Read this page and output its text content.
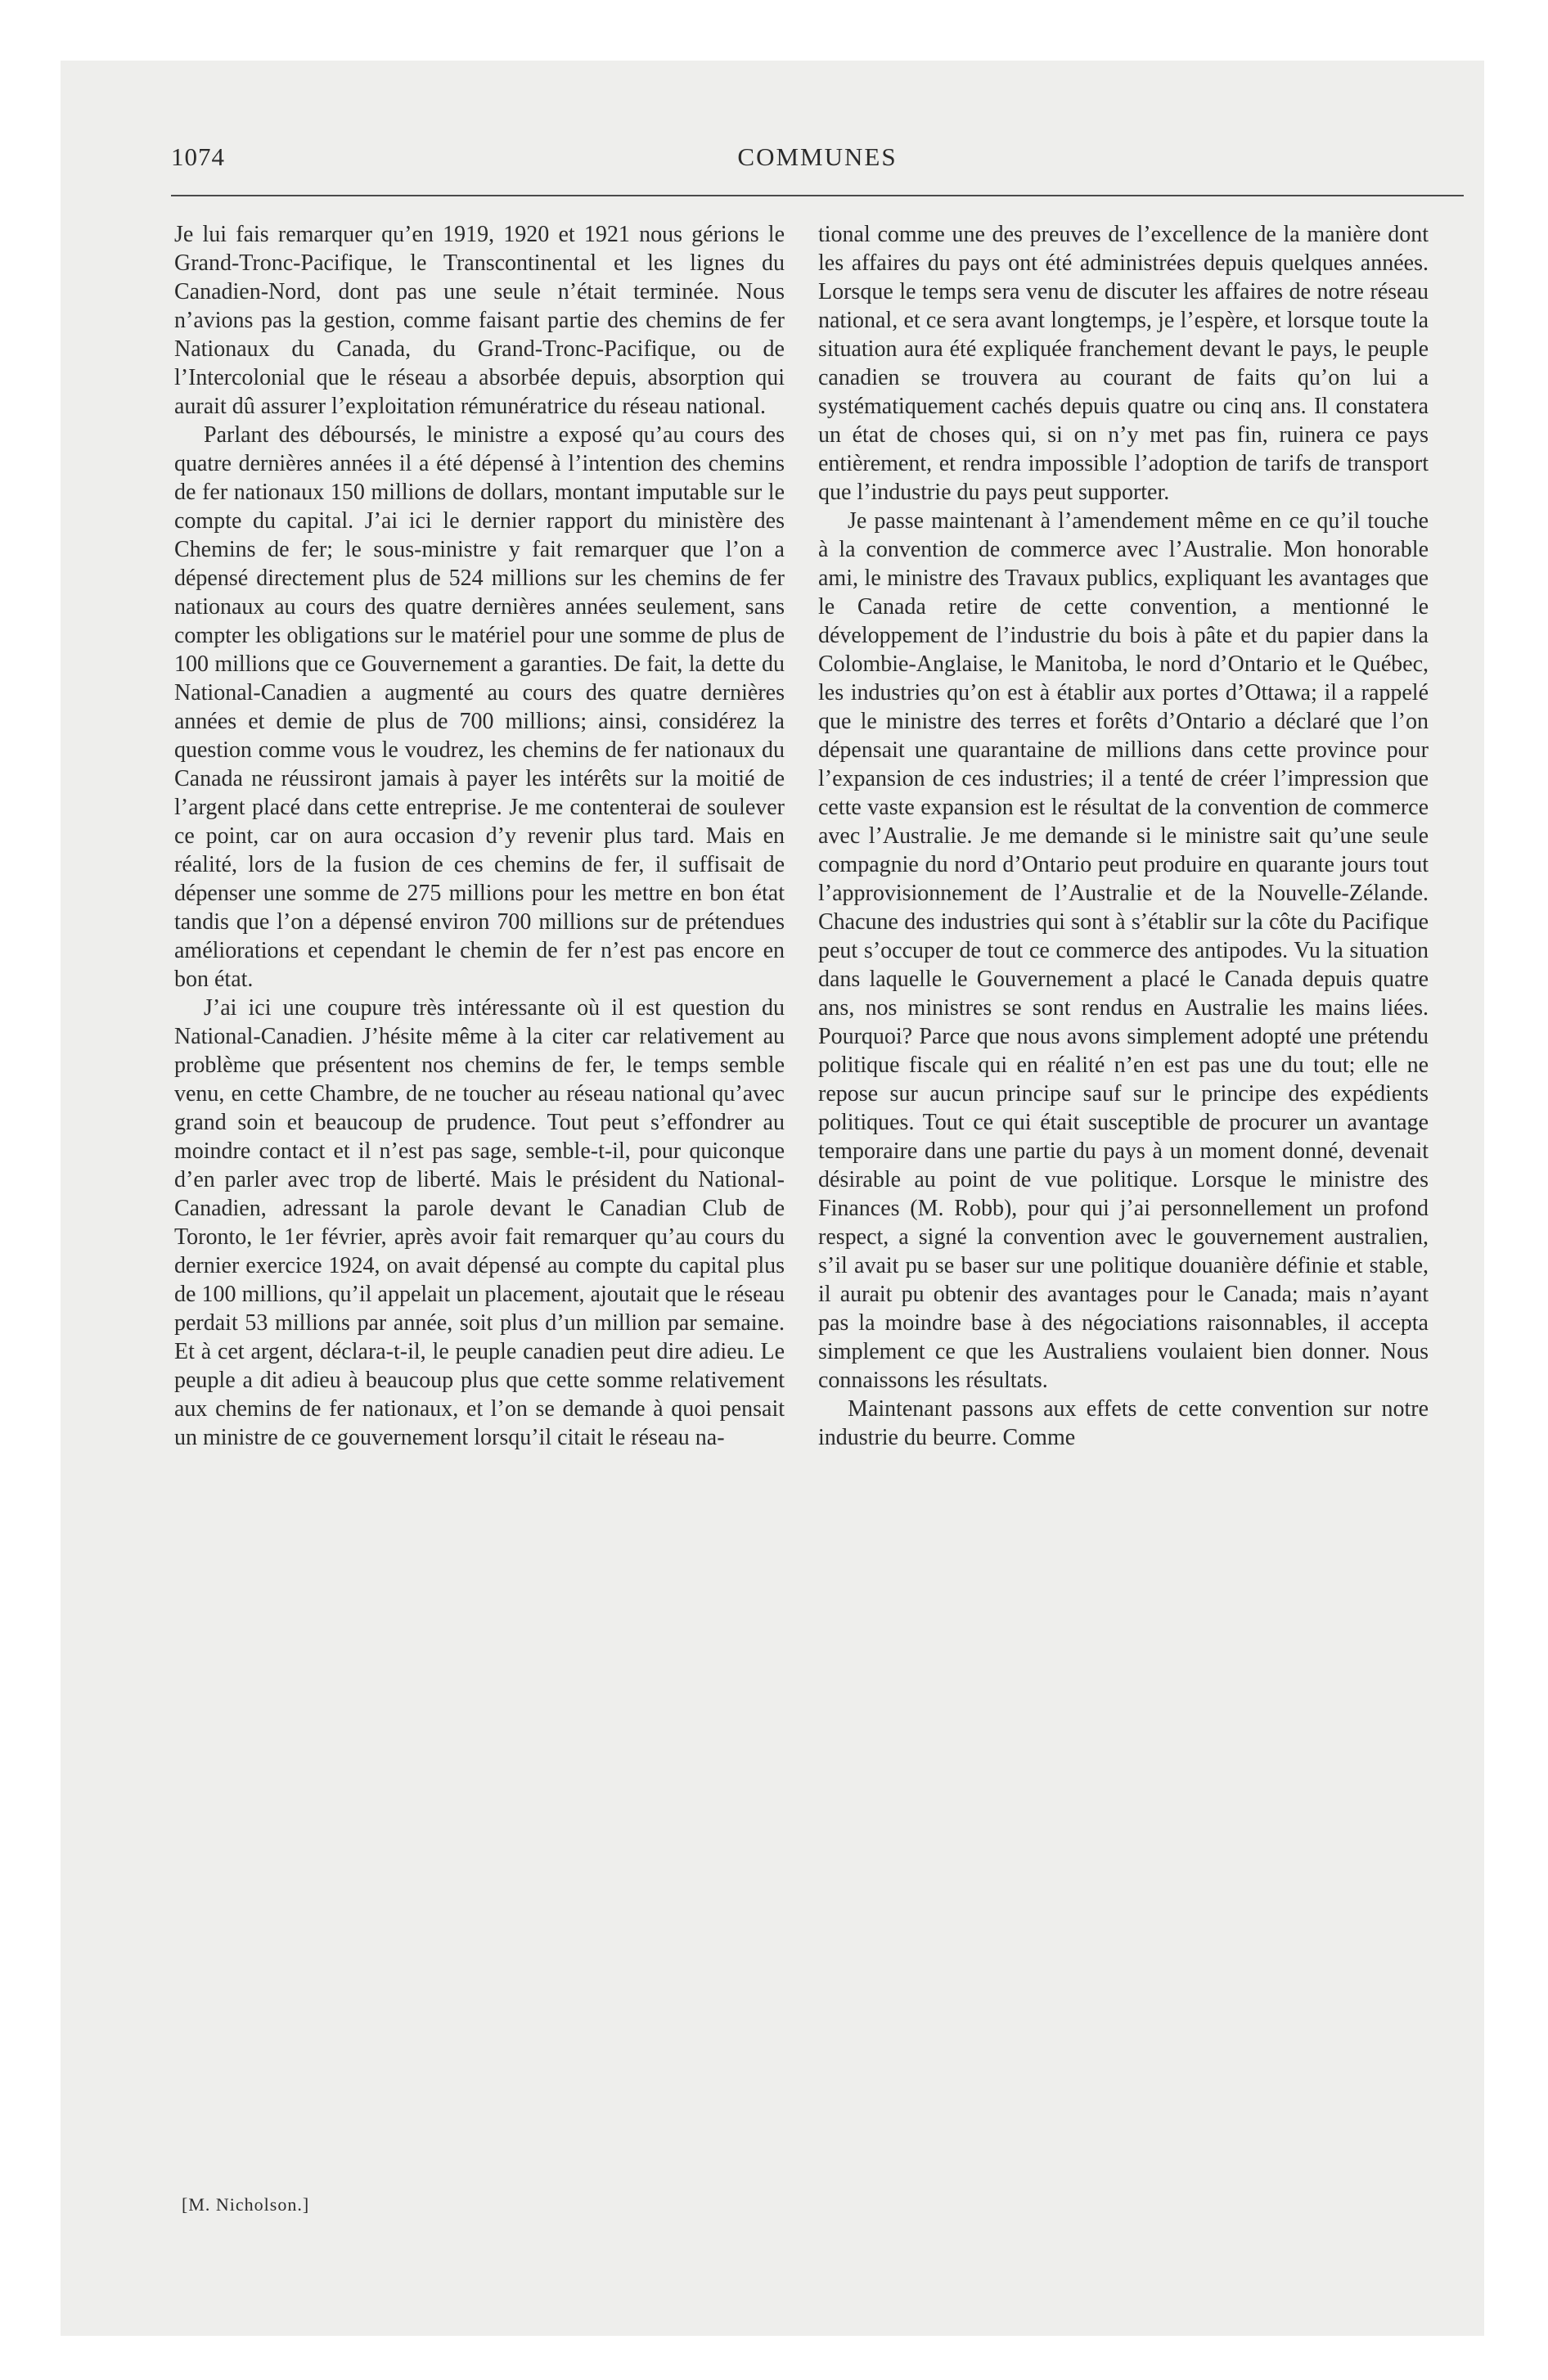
1074	COMMUNES

Je lui fais remarquer qu’en 1919, 1920 et 1921 nous gérions le Grand-Tronc-Pacifique, le Transcontinental et les lignes du Canadien-Nord, dont pas une seule n’était terminée. Nous n’avions pas la gestion, comme faisant partie des chemins de fer Nationaux du Canada, du Grand-Tronc-Pacifique, ou de l’Intercolonial que le réseau a absorbée depuis, absorption qui aurait dû assurer l’exploitation rémunératrice du réseau national.

Parlant des déboursés, le ministre a exposé qu’au cours des quatre dernières années il a été dépensé à l’intention des chemins de fer nationaux 150 millions de dollars, montant imputable sur le compte du capital. J’ai ici le dernier rapport du ministère des Chemins de fer; le sous-ministre y fait remarquer que l’on a dépensé directement plus de 524 millions sur les chemins de fer nationaux au cours des quatre dernières années seulement, sans compter les obligations sur le matériel pour une somme de plus de 100 millions que ce Gouvernement a garanties. De fait, la dette du National-Canadien a augmenté au cours des quatre dernières années et demie de plus de 700 millions; ainsi, considérez la question comme vous le voudrez, les chemins de fer nationaux du Canada ne réussiront jamais à payer les intérêts sur la moitié de l’argent placé dans cette entreprise. Je me contenterai de soulever ce point, car on aura occasion d’y revenir plus tard. Mais en réalité, lors de la fusion de ces chemins de fer, il suffisait de dépenser une somme de 275 millions pour les mettre en bon état tandis que l’on a dépensé environ 700 millions sur de prétendues améliorations et cependant le chemin de fer n’est pas encore en bon état.

J’ai ici une coupure très intéressante où il est question du National-Canadien. J’hésite même à la citer car relativement au problème que présentent nos chemins de fer, le temps semble venu, en cette Chambre, de ne toucher au réseau national qu’avec grand soin et beaucoup de prudence. Tout peut s’effondrer au moindre contact et il n’est pas sage, semble-t-il, pour quiconque d’en parler avec trop de liberté. Mais le président du National-Canadien, adressant la parole devant le Canadian Club de Toronto, le 1er février, après avoir fait remarquer qu’au cours du dernier exercice 1924, on avait dépensé au compte du capital plus de 100 millions, qu’il appelait un placement, ajoutait que le réseau perdait 53 millions par année, soit plus d’un million par semaine. Et à cet argent, déclara-t-il, le peuple canadien peut dire adieu. Le peuple a dit adieu à beaucoup plus que cette somme relativement aux chemins de fer nationaux, et l’on se demande à quoi pensait un ministre de ce gouvernement lorsqu’il citait le réseau na-

tional comme une des preuves de l’excellence de la manière dont les affaires du pays ont été administrées depuis quelques années. Lorsque le temps sera venu de discuter les affaires de notre réseau national, et ce sera avant longtemps, je l’espère, et lorsque toute la situation aura été expliquée franchement devant le pays, le peuple canadien se trouvera au courant de faits qu’on lui a systématiquement cachés depuis quatre ou cinq ans. Il constatera un état de choses qui, si on n’y met pas fin, ruinera ce pays entièrement, et rendra impossible l’adoption de tarifs de transport que l’industrie du pays peut supporter.

Je passe maintenant à l’amendement même en ce qu’il touche à la convention de commerce avec l’Australie. Mon honorable ami, le ministre des Travaux publics, expliquant les avantages que le Canada retire de cette convention, a mentionné le développement de l’industrie du bois à pâte et du papier dans la Colombie-Anglaise, le Manitoba, le nord d’Ontario et le Québec, les industries qu’on est à établir aux portes d’Ottawa; il a rappelé que le ministre des terres et forêts d’Ontario a déclaré que l’on dépensait une quarantaine de millions dans cette province pour l’expansion de ces industries; il a tenté de créer l’impression que cette vaste expansion est le résultat de la convention de commerce avec l’Australie. Je me demande si le ministre sait qu’une seule compagnie du nord d’Ontario peut produire en quarante jours tout l’approvisionnement de l’Australie et de la Nouvelle-Zélande. Chacune des industries qui sont à s’établir sur la côte du Pacifique peut s’occuper de tout ce commerce des antipodes. Vu la situation dans laquelle le Gouvernement a placé le Canada depuis quatre ans, nos ministres se sont rendus en Australie les mains liées. Pourquoi? Parce que nous avons simplement adopté une prétendu politique fiscale qui en réalité n’en est pas une du tout; elle ne repose sur aucun principe sauf sur le principe des expédients politiques. Tout ce qui était susceptible de procurer un avantage temporaire dans une partie du pays à un moment donné, devenait désirable au point de vue politique. Lorsque le ministre des Finances (M. Robb), pour qui j’ai personnellement un profond respect, a signé la convention avec le gouvernement australien, s’il avait pu se baser sur une politique douanière définie et stable, il aurait pu obtenir des avantages pour le Canada; mais n’ayant pas la moindre base à des négociations raisonnables, il accepta simplement ce que les Australiens voulaient bien donner. Nous connaissons les résultats.

Maintenant passons aux effets de cette convention sur notre industrie du beurre. Comme

[M. Nicholson.]
